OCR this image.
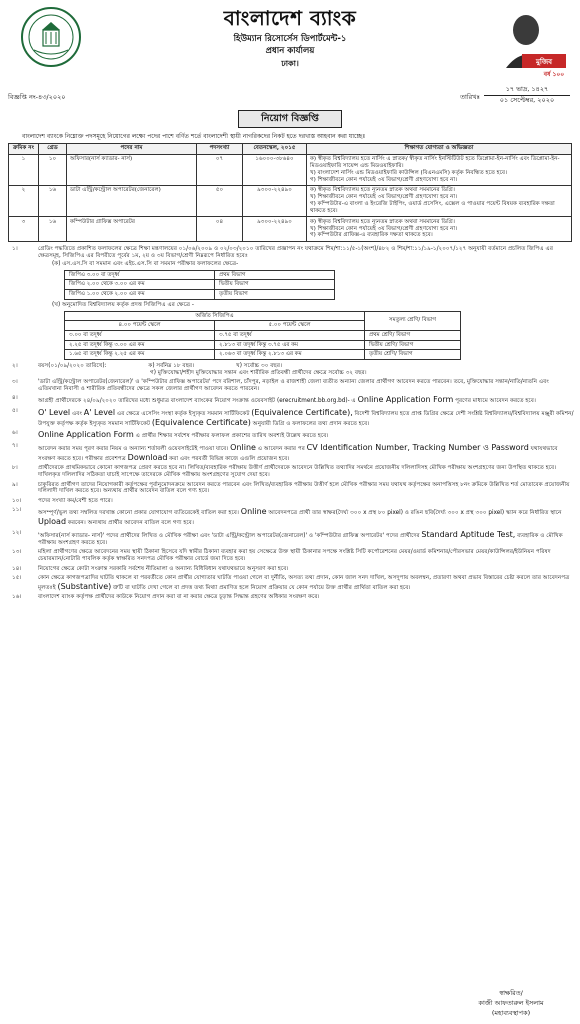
বাংলাদেশ ব্যাংক
হিউম্যান রিসোর্সেস ডিপার্টমেন্ট-১
প্রধান কার্যালয়
ঢাকা।	মুজিব
বর্ষ ১০০
বিজ্ঞপ্তি নং-৪৩/২০২০	তারিখঃ
১৭ ভাদ্র, ১৪২৭
০১ সেপ্টেম্বর, ২০২০
নিয়োগ বিজ্ঞপ্তি
বাংলাদেশ ব্যাংকে নিম্নোক্ত পদসমূহে নিয়োগের লক্ষ্যে পদের পাশে বর্ণিত শর্তে বাংলাদেশী স্থায়ী নাগরিকদের নিকট হতে দরখাস্ত আহবান করা যাচ্ছেঃ
ক্রমিক নং	গ্রেড	পদের নাম	পদসংখ্যা	বেতনস্কেল, ২০১৫	শিক্ষাগত যোগ্যতা ও অভিজ্ঞতা
১	১০	অফিসার(নার্স ক্যাডার- নার্স)	০৭	১৬০০০-৩৮৬৪০	ক) স্বীকৃত বিশ্ববিদ্যালয় হতে নার্সিং এ স্নাতক/ স্বীকৃত নার্সিং ইনস্টিটিউট হতে ডিপ্লোমা-ইন-নার্সিং এবং ডিপ্লোমা-ইন-মিডওয়াইফারি সায়েন্স এন্ড মিডওয়াইফারি।
খ) বাংলাদেশ নার্সিং এন্ড মিডওয়াইফারি কাউন্সিল (বিএনএমসি) কর্তৃক নিবন্ধিত হতে হবে।
গ) শিক্ষাজীবনে কোন পর্যায়েই ৩য় বিভাগ/শ্রেণী গ্রহণযোগ্য হবে না।

২	১৬	ডাটা এন্ট্রি/কন্ট্রোল অপারেটর(জেনারেল)	৫০	৯৩০০-২২৪৯০	ক) স্বীকৃত বিশ্ববিদ্যালয় হতে ন্যূনতম স্নাতক অথবা সমমানের ডিগ্রি।
খ) শিক্ষাজীবনে কোন পর্যায়েই ৩য় বিভাগ/শ্রেণী গ্রহণযোগ্য হবে না।
গ) কম্পিউটার-এ বাংলা ও ইংরেজি টাইপিং, ওয়ার্ড প্রসেসিং, এক্সেল ও পাওয়ার পয়েন্ট বিষয়ক ব্যবহারিক দক্ষতা থাকতে হবে।

৩	১৬	কম্পিউটার গ্রাফিক্স অপারেটর	০৪	৯৩০০-২২৪৯০	ক) স্বীকৃত বিশ্ববিদ্যালয় হতে ন্যূনতম স্নাতক অথবা সমমানের ডিগ্রি।
খ) শিক্ষাজীবনে কোন পর্যায়েই ৩য় বিভাগ/শ্রেণী গ্রহণযোগ্য হবে না।
গ) কম্পিউটার গ্রাফিক্স-এ ব্যবহারিক দক্ষতা থাকতে হবে।
১।	গ্রেডিং পদ্ধতিতে প্রকাশিত ফলাফলের ক্ষেত্রে শিক্ষা মন্ত্রণালয়ের ০১/০৬/২০০৯ ও ০২/০৩/২০১০ তারিখের প্রজ্ঞাপন নং যথাক্রমে শিম/শা:১১/৫-১(অংশ)/৪৮২ ও শিম/শা:১১/১৯-১/২০০৭/১২৭ অনুযায়ী বর্তমানে প্রচলিত জিপিএ এর ক্ষেত্রসমূহ, সিজিপিএ এর বিপরীতে পূর্বের ১ম, ২য় ও ৩য় বিভাগ/শ্রেণী নিম্নরূপে নির্ধারিত হবেঃ
(ক) এস.এস.সি বা সমমান এবং এইচ.এস.সি বা সমমান পরীক্ষার ফলাফলের ক্ষেত্রে-
জিপিএ ৩.০০ বা তদূর্ধ্ব	প্রথম বিভাগ
জিপিএ ২.০০ থেকে ৩.০০ এর কম	দ্বিতীয় বিভাগ
জিপিএ ১.০০ থেকে ২.০০ এর কম	তৃতীয় বিভাগ
(খ) অনুমোদিত বিশ্ববিদ্যালয় কর্তৃক প্রদত্ত সিজিপিএ এর ক্ষেত্রে -
অর্জিত সিজিপিএ		সমতুল্য শ্রেণি/ বিভাগ
৪.০০ পয়েন্ট স্কেলে	৫.০০ পয়েন্ট স্কেলে	
৩.০০ বা তদূর্ধ্ব	৩.৭৫ বা তদূর্ধ্ব	প্রথম শ্রেণি/ বিভাগ
২.২৫ বা তদূর্ধ্ব কিন্তু ৩.০০ এর কম	২.৮১৩ বা তদূর্ধ্ব কিন্তু ৩.৭৫ এর কম	দ্বিতীয় শ্রেণি/ বিভাগ
১.৬৫ বা তদূর্ধ্ব কিন্তু ২.২৫ এর কম	২.০৬৩ বা তদূর্ধ্ব কিন্তু ২.৮১৩ এর কম	তৃতীয় শ্রেণি/ বিভাগ
২।	বয়স(০১/০৯/২০২০ তারিখে):	ক) সর্বনিম্ন ১৮ বছর।	খ) সর্বোচ্চ ৩০ বছর।
গ) মুক্তিযোদ্ধা/শহীদ মুক্তিযোদ্ধার সন্তান এবং শারীরিক প্রতিবন্ধী প্রার্থীদের ক্ষেত্রে সর্বোচ্চ ৩২ বছর।
৩।	'ডাটা এন্ট্রি/কন্ট্রোল অপারেটর(জেনারেল)' ও 'কম্পিউটার গ্রাফিক্স অপারেটর' পদে বরিশাল, চাঁদপুর, নড়াইল ও রাজশাহী জেলা ব্যতীত অন্যান্য জেলার প্রার্থীগণ আবেদন করতে পারবেন। তবে, মুক্তিযোদ্ধার সন্তান/নাতি/নাতনি এবং এতিমখানা নিবাসী ও শারীরিক প্রতিবন্ধীদের ক্ষেত্রে সকল জেলার প্রার্থীগণ আবেদন করতে পারবেন।
৪।	আগ্রহী প্রার্থীদেরকে ২৪/০৯/২০২০ তারিখের মধ্যে শুধুমাত্র বাংলাদেশ ব্যাংকের নিয়োগ সংক্রান্ত ওয়েবসাইট (erecruitment.bb.org.bd)- এ Online Application Form পূরণের মাধ্যমে আবেদন করতে হবে।
৫।	O' Level এবং A' Level এর ক্ষেত্রে এসেসিং সংস্থা কর্তৃক ইস্যুকৃত সমমান সার্টিফিকেট (Equivalence Certificate), বিদেশী বিশ্ববিদ্যালয় হতে প্রাপ্ত ডিগ্রির ক্ষেত্রে দেশী সংশ্লিষ্ট বিশ্ববিদ্যালয়/বিশ্ববিদ্যালয় মঞ্জুরী কমিশন/উপযুক্ত কর্তৃপক্ষ কর্তৃক ইস্যুকৃত সমমান সার্টিফিকেট (Equivalence Certificate) অনুযায়ী ডিগ্রি ও ফলাফলের তথ্য প্রদান করতে হবে।
৬।	Online Application Form এ প্রার্থীর শিক্ষার সর্বশেষ পরীক্ষার ফলাফল প্রকাশের তারিখ অবশ্যই উল্লেখ করতে হবে।
৭।	আবেদন করার সময় পূরণ করার নিয়ম ও অন্যান্য শর্তাবলী ওয়েবসাইটেই পাওয়া যাবে। Online এ আবেদন করার পর CV Identification Number, Tracking Number ও Password যথাযথভাবে সংরক্ষণ করতে হবে। পরীক্ষার প্রবেশপত্র Download করা এবং পরবর্তী বিভিন্ন কাজে এগুলি প্রয়োজন হবে।
৮।	প্রার্থীদেরকে প্রাথমিকভাবে কোনো কাগজপত্র প্রেরণ করতে হবে না। লিখিত/ব্যবহারিক পরীক্ষায় উত্তীর্ণ প্রার্থীদেরকে আবেদনে উল্লিখিত তথ্যাদির সমর্থনে প্রয়োজনীয় দলিলাদিসহ মৌখিক পরীক্ষায় অংশগ্রহণের জন্য উপস্থিত থাকতে হবে। দাখিলকৃত দলিলাদির সঠিকতা যাচাই সাপেক্ষে তাদেরকে মৌখিক পরীক্ষায় অংশগ্রহণের সুযোগ দেয়া হবে।
৯।	চাকুরিরত প্রার্থীগণ তাদের নিয়োগকারী কর্তৃপক্ষের পূর্বানুমোদনক্রমে আবেদন করতে পারবেন এবং লিখিত/ব্যবহারিক পরীক্ষায় উত্তীর্ণ হলে মৌখিক পরীক্ষার সময় যথাযথ কর্তৃপক্ষের অনাপত্তিসহ ৮নং ক্রমিকে উল্লিখিত শর্ত মোতাবেক প্রয়োজনীয় দলিলাদী দাখিল করতে হবে। অন্যথায় প্রার্থীর আবেদন বাতিল বলে গণ্য হবে।
১০।	পদের সংখ্যা কম/বেশী হতে পারে।
১১।	অসম্পূর্ণ/ভুল তথ্য সম্বলিত দরখাস্ত কোনো প্রকার যোগাযোগ ব্যতিরেকেই বাতিল করা হবে। Online আবেদনপত্রে প্রার্থী তার স্বাক্ষর(দৈর্ঘ্য ৩০০ x প্রস্থ ৮০ pixel) ও রঙিন ছবি(দৈর্ঘ্য ৩০০ x প্রস্থ ৩০০ pixel) স্ক্যান করে নির্ধারিত স্থানে Upload করবেন। অন্যথায় প্রার্থীর আবেদন বাতিল বলে গণ্য হবে।
১২।	'অফিসার(নার্স ক্যাডার- নার্স)' পদের প্রার্থীদের লিখিত ও মৌখিক পরীক্ষা এবং 'ডাটা এন্ট্রি/কন্ট্রোল অপারেটর(জেনারেল)' ও 'কম্পিউটার গ্রাফিক্স অপারেটর' পদের প্রার্থীদের Standard Aptitude Test, ব্যবহারিক ও মৌখিক পরীক্ষায় অংশগ্রহণ করতে হবে।
১৩।	মহিলা প্রার্থীগণের ক্ষেত্রে আবেদনের সময় স্থায়ী ঠিকানা হিসেবে যদি স্বামীর ঠিকানা ব্যবহার করা হয় সেক্ষেত্রে উক্ত স্থায়ী ঠিকানার সপক্ষে সংশ্লিষ্ট সিটি কর্পোরেশনের মেয়র/ওয়ার্ড কমিশনার/পৌরসভার মেয়র/কাউন্সিলর/ইউনিয়ন পরিষদ চেয়ারম্যান/নোটারি পাবলিক কর্তৃক স্বাক্ষরিত সনদপত্র মৌখিক পরীক্ষার বোর্ডে জমা দিতে হবে।
১৪।	নিয়োগের ক্ষেত্রে কোটা সংক্রান্ত সরকারি সর্বশেষ নীতিমালা ও অন্যান্য বিধিবিধান যথাযথভাবে অনুসরণ করা হবে।
১৫।	কোন ক্ষেত্রে কাগজপত্রাদির ঘাটতি থাকলে বা পরবর্তীতে কোন প্রার্থীর যোগ্যতার ঘাটতি পাওয়া গেলে বা দুর্নীতি, অসত্য তথ্য প্রদান, কোন জাল সনদ দাখিল, অসদুপায় অবলম্বন, প্রতারণা অথবা প্রভাব বিস্তারের চেষ্টা করলে তার আবেদনপত্র মূলতঃই (Substantive) ত্রুটি বা ঘাটতি দেখা গেলে বা প্রদত্ত তথ্য মিথ্যা প্রমাণিত হলে নিয়োগ প্রক্রিয়ার যে কোন পর্যায়ে উক্ত প্রার্থীর প্রার্থিতা বাতিল করা হবে।
১৬।	বাংলাদেশ ব্যাংক কর্তৃপক্ষ প্রার্থীদের কাউকে নিয়োগ প্রদান করা বা না করার ক্ষেত্রে চূড়ান্ত সিদ্ধান্ত গ্রহণের অধিকার সংরক্ষণ করে।
স্বাক্ষরিত/
কাজী আফতারুল ইসলাম
(মহাব্যবস্থাপক)
